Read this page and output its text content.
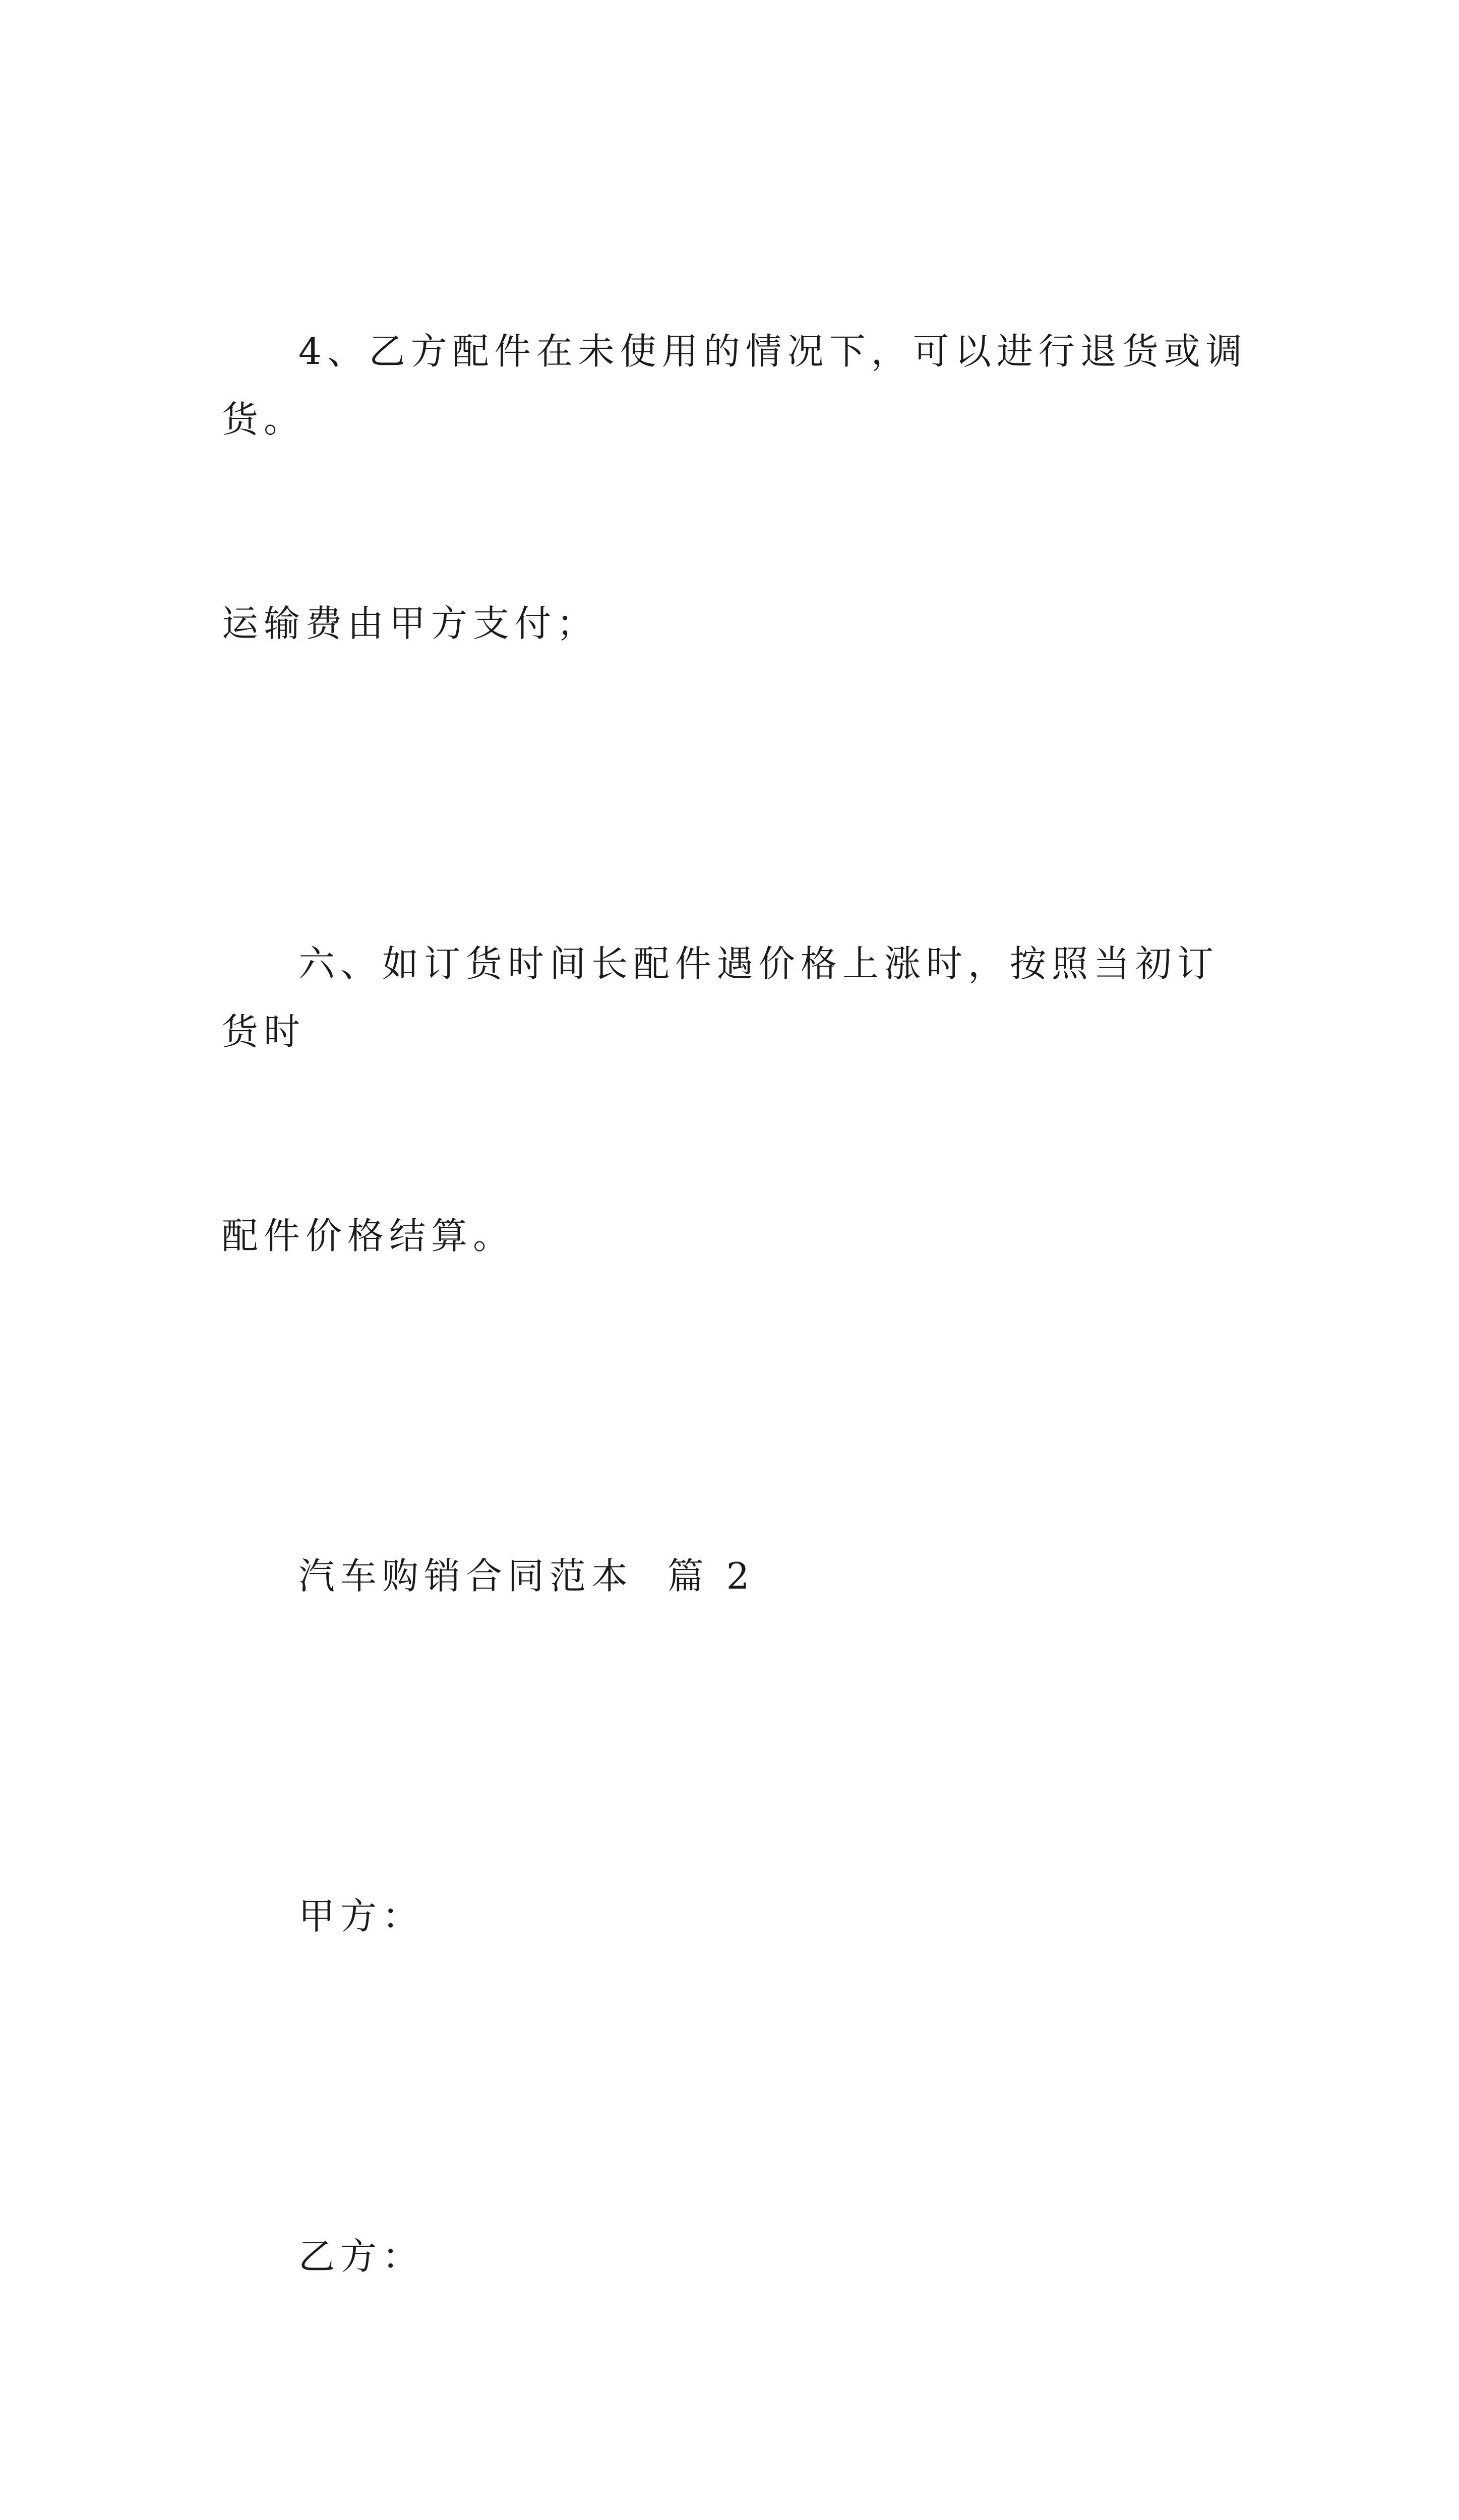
4、乙方配件在未使用的情况下，可以进行退货或调货。

运输费由甲方支付；

六、如订货时间长配件遇价格上涨时，按照当初订货时

配件价格结算。

汽车购销合同范本  篇 2

甲方：

乙方：
